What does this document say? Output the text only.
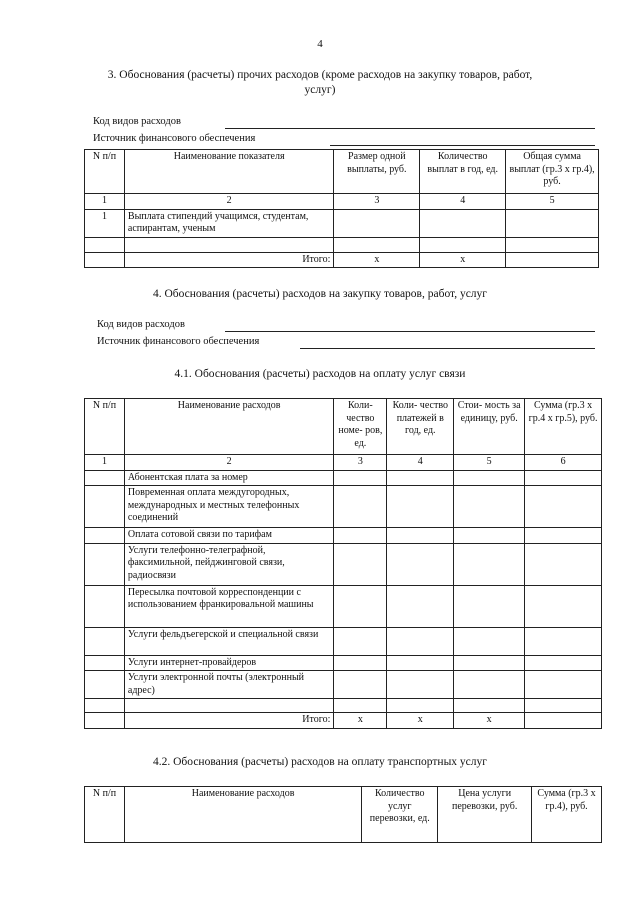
4
3. Обоснования (расчеты) прочих расходов (кроме расходов на закупку товаров, работ,
услуг)
Код видов расходов
Источник финансового обеспечения
N п/п	Наименование показателя	Размер одной выплаты, руб.	Количество выплат в год, ед.	Общая сумма выплат (гр.3 х гр.4), руб.
1	2	3	4	5
1	Выплата стипендий учащимся, студентам, аспирантам, ученым			

	Итого:	x	x	
4. Обоснования (расчеты) расходов на закупку товаров, работ, услуг
Код видов расходов
Источник финансового обеспечения
4.1. Обоснования (расчеты) расходов на оплату услуг связи
N п/п	Наименование расходов	Коли- чество номе- ров, ед.	Коли- чество платежей в год, ед.	Стои- мость за единицу, руб.	Сумма (гр.3 х гр.4 х гр.5), руб.
1	2	3	4	5	6
	Абонентская плата за номер				
	Повременная оплата междугородных, международных и местных телефонных соединений				
	Оплата сотовой связи по тарифам				
	Услуги телефонно-телеграфной, факсимильной, пейджинговой связи, радиосвязи				
	Пересылка почтовой корреспонденции с использованием франкировальной машины				
	Услуги фельдъегерской и специальной связи				
	Услуги интернет-провайдеров				
	Услуги электронной почты (электронный адрес)				

	Итого:	x	x	x	
4.2. Обоснования (расчеты) расходов на оплату транспортных услуг
N п/п	Наименование расходов	Количество услуг перевозки, ед.	Цена услуги перевозки, руб.	Сумма (гр.3 х гр.4), руб.
